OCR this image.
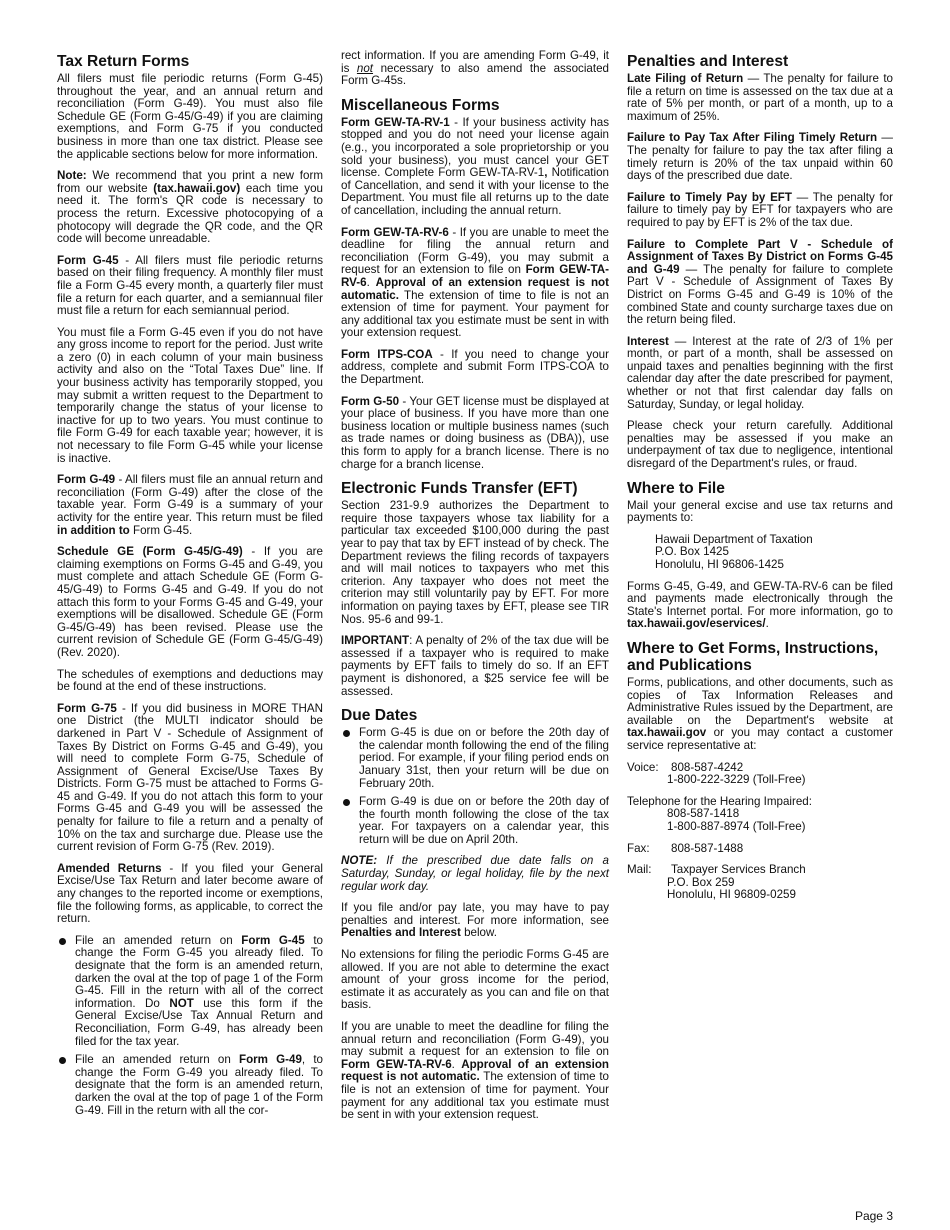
Tax Return Forms

All filers must file periodic returns (Form G-45) throughout the year, and an annual return and reconciliation (Form G-49). You must also file Schedule GE (Form G-45/G-49) if you are claiming exemptions, and Form G-75 if you conducted business in more than one tax district. Please see the applicable sections below for more information.

Note: We recommend that you print a new form from our website (tax.hawaii.gov) each time you need it. The form's QR code is necessary to process the return. Excessive photocopying of a photocopy will degrade the QR code, and the QR code will become unreadable.

Form G-45 - All filers must file periodic returns based on their filing frequency. A monthly filer must file a Form G-45 every month, a quarterly filer must file a return for each quarter, and a semiannual filer must file a return for each semiannual period.

You must file a Form G-45 even if you do not have any gross income to report for the period. Just write a zero (0) in each column of your main business activity and also on the “Total Taxes Due” line. If your business activity has temporarily stopped, you may submit a written request to the Department to temporarily change the status of your license to inactive for up to two years. You must continue to file Form G-49 for each taxable year; however, it is not necessary to file Form G-45 while your license is inactive.

Form G-49 - All filers must file an annual return and reconciliation (Form G-49) after the close of the taxable year. Form G-49 is a summary of your activity for the entire year. This return must be filed in addition to Form G-45.

Schedule GE (Form G-45/G-49) - If you are claiming exemptions on Forms G-45 and G-49, you must complete and attach Schedule GE (Form G-45/G-49) to Forms G-45 and G-49. If you do not attach this form to your Forms G-45 and G-49, your exemptions will be disallowed. Schedule GE (Form G-45/G-49) has been revised. Please use the current revision of Schedule GE (Form G-45/G-49) (Rev. 2020).

The schedules of exemptions and deductions may be found at the end of these instructions.

Form G-75 - If you did business in MORE THAN one District (the MULTI indicator should be darkened in Part V - Schedule of Assignment of Taxes By District on Forms G-45 and G-49), you will need to complete Form G-75, Schedule of Assignment of General Excise/Use Taxes By Districts. Form G-75 must be attached to Forms G-45 and G-49. If you do not attach this form to your Forms G-45 and G-49 you will be assessed the penalty for failure to file a return and a penalty of 10% on the tax and surcharge due. Please use the current revision of Form G-75 (Rev. 2019).

Amended Returns - If you filed your General Excise/Use Tax Return and later become aware of any changes to the reported income or exemptions, file the following forms, as applicable, to correct the return.

File an amended return on Form G-45 to change the Form G-45 you already filed. To designate that the form is an amended return, darken the oval at the top of page 1 of the Form G-45. Fill in the return with all of the correct information. Do NOT use this form if the General Excise/Use Tax Annual Return and Reconciliation, Form G-49, has already been filed for the tax year.
File an amended return on Form G-49, to change the Form G-49 you already filed. To designate that the form is an amended return, darken the oval at the top of page 1 of the Form G-49. Fill in the return with all the cor-

rect information. If you are amending Form G-49, it is not necessary to also amend the associated Form G-45s.

Miscellaneous Forms

Form GEW-TA-RV-1 - If your business activity has stopped and you do not need your license again (e.g., you incorporated a sole proprietorship or you sold your business), you must cancel your GET license. Complete Form GEW-TA-RV-1, Notification of Cancellation, and send it with your license to the Department. You must file all returns up to the date of cancellation, including the annual return.

Form GEW-TA-RV-6 - If you are unable to meet the deadline for filing the annual return and reconciliation (Form G-49), you may submit a request for an extension to file on Form GEW-TA-RV-6. Approval of an extension request is not automatic. The extension of time to file is not an extension of time for payment. Your payment for any additional tax you estimate must be sent in with your extension request.

Form ITPS-COA - If you need to change your address, complete and submit Form ITPS-COA to the Department.

Form G-50 - Your GET license must be displayed at your place of business. If you have more than one business location or multiple business names (such as trade names or doing business as (DBA)), use this form to apply for a branch license. There is no charge for a branch license.

Electronic Funds Transfer (EFT)

Section 231-9.9 authorizes the Department to require those taxpayers whose tax liability for a particular tax exceeded $100,000 during the past year to pay that tax by EFT instead of by check. The Department reviews the filing records of taxpayers and will mail notices to taxpayers who met this criterion. Any taxpayer who does not meet the criterion may still voluntarily pay by EFT. For more information on paying taxes by EFT, please see TIR Nos. 95-6 and 99-1.

IMPORTANT: A penalty of 2% of the tax due will be assessed if a taxpayer who is required to make payments by EFT fails to timely do so. If an EFT payment is dishonored, a $25 service fee will be assessed.

Due Dates
Form G-45 is due on or before the 20th day of the calendar month following the end of the filing period. For example, if your filing period ends on January 31st, then your return will be due on February 20th.
Form G-49 is due on or before the 20th day of the fourth month following the close of the tax year. For taxpayers on a calendar year, this return will be due on April 20th.

NOTE: If the prescribed due date falls on a Saturday, Sunday, or legal holiday, file by the next regular work day.

If you file and/or pay late, you may have to pay penalties and interest. For more information, see Penalties and Interest below.

No extensions for filing the periodic Forms G-45 are allowed. If you are not able to determine the exact amount of your gross income for the period, estimate it as accurately as you can and file on that basis.

If you are unable to meet the deadline for filing the annual return and reconciliation (Form G-49), you may submit a request for an extension to file on Form GEW-TA-RV-6. Approval of an extension request is not automatic. The extension of time to file is not an extension of time for payment. Your payment for any additional tax you estimate must be sent in with your extension request.

Penalties and Interest

Late Filing of Return — The penalty for failure to file a return on time is assessed on the tax due at a rate of 5% per month, or part of a month, up to a maximum of 25%.

Failure to Pay Tax After Filing Timely Return — The penalty for failure to pay the tax after filing a timely return is 20% of the tax unpaid within 60 days of the prescribed due date.

Failure to Timely Pay by EFT — The penalty for failure to timely pay by EFT for taxpayers who are required to pay by EFT is 2% of the tax due.

Failure to Complete Part V - Schedule of Assignment of Taxes By District on Forms G-45 and G-49 — The penalty for failure to complete Part V - Schedule of Assignment of Taxes By District on Forms G-45 and G-49 is 10% of the combined State and county surcharge taxes due on the return being filed.

Interest — Interest at the rate of 2/3 of 1% per month, or part of a month, shall be assessed on unpaid taxes and penalties beginning with the first calendar day after the date prescribed for payment, whether or not that first calendar day falls on Saturday, Sunday, or legal holiday.

Please check your return carefully. Additional penalties may be assessed if you make an underpayment of tax due to negligence, intentional disregard of the Department's rules, or fraud.

Where to File

Mail your general excise and use tax returns and payments to:

Hawaii Department of Taxation
P.O. Box 1425
Honolulu, HI 96806-1425

Forms G-45, G-49, and GEW-TA-RV-6 can be filed and payments made electronically through the State's Internet portal. For more information, go to tax.hawaii.gov/eservices/.

Where to Get Forms, Instructions, and Publications

Forms, publications, and other documents, such as copies of Tax Information Releases and Administrative Rules issued by the Department, are available on the Department's website at tax.hawaii.gov or you may contact a customer service representative at:

Voice:	808-587-4242
1-800-222-3229 (Toll-Free)
Telephone for the Hearing Impaired:
808-587-1418
1-800-887-8974 (Toll-Free)
Fax:	808-587-1488
Mail:	Taxpayer Services Branch
P.O. Box 259
Honolulu, HI 96809-0259
Page 3
